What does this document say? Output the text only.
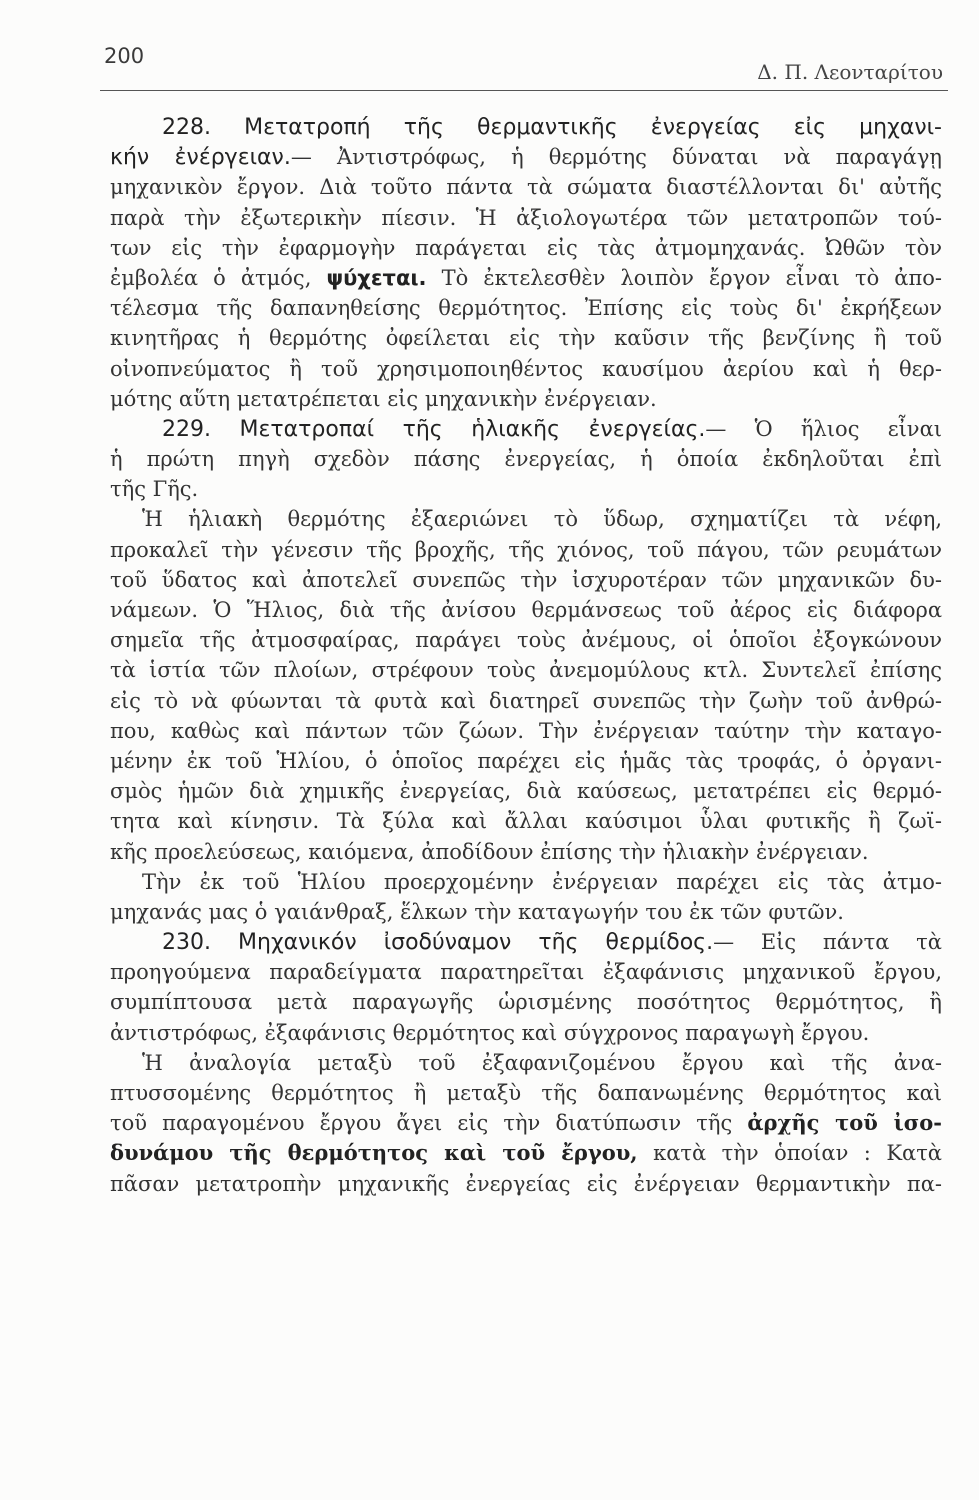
200
Δ. Π. Λεονταρίτου
228. Μετατροπή τῆς θερμαντικῆς ἐνεργείας εἰς μηχανι-
κήν ἐνέργειαν.— Ἀντιστρόφως, ἡ θερμότης δύναται νὰ παραγάγῃ
μηχανικὸν ἔργον. Διὰ τοῦτο πάντα τὰ σώματα διαστέλλονται δι' αὐτῆς
παρὰ τὴν ἐξωτερικὴν πίεσιν. Ἡ ἀξιολογωτέρα τῶν μετατροπῶν τού-
των εἰς τὴν ἐφαρμογὴν παράγεται εἰς τὰς ἀτμομηχανάς. Ὠθῶν τὸν
ἐμβολέα ὁ ἀτμός, ψύχεται. Τὸ ἐκτελεσθὲν λοιπὸν ἔργον εἶναι τὸ ἀπο-
τέλεσμα τῆς δαπανηθείσης θερμότητος. Ἐπίσης εἰς τοὺς δι' ἐκρήξεων
κινητῆρας ἡ θερμότης ὀφείλεται εἰς τὴν καῦσιν τῆς βενζίνης ἢ τοῦ
οἰνοπνεύματος ἢ τοῦ χρησιμοποιηθέντος καυσίμου ἀερίου καὶ ἡ θερ-
μότης αὕτη μετατρέπεται εἰς μηχανικὴν ἐνέργειαν.
229. Μετατροπαί τῆς ἡλιακῆς ἐνεργείας.— Ὁ ἥλιος εἶναι
ἡ πρώτη πηγὴ σχεδὸν πάσης ἐνεργείας, ἡ ὁποία ἐκδηλοῦται ἐπὶ
τῆς Γῆς.
Ἡ ἡλιακὴ θερμότης ἐξαεριώνει τὸ ὕδωρ, σχηματίζει τὰ νέφη,
προκαλεῖ τὴν γένεσιν τῆς βροχῆς, τῆς χιόνος, τοῦ πάγου, τῶν ρευμάτων
τοῦ ὕδατος καὶ ἀποτελεῖ συνεπῶς τὴν ἰσχυροτέραν τῶν μηχανικῶν δυ-
νάμεων. Ὁ Ἥλιος, διὰ τῆς ἀνίσου θερμάνσεως τοῦ ἀέρος εἰς διάφορα
σημεῖα τῆς ἀτμοσφαίρας, παράγει τοὺς ἀνέμους, οἱ ὁποῖοι ἐξογκώνουν
τὰ ἱστία τῶν πλοίων, στρέφουν τοὺς ἀνεμομύλους κτλ. Συντελεῖ ἐπίσης
εἰς τὸ νὰ φύωνται τὰ φυτὰ καὶ διατηρεῖ συνεπῶς τὴν ζωὴν τοῦ ἀνθρώ-
που, καθὼς καὶ πάντων τῶν ζώων. Τὴν ἐνέργειαν ταύτην τὴν καταγο-
μένην ἐκ τοῦ Ἡλίου, ὁ ὁποῖος παρέχει εἰς ἡμᾶς τὰς τροφάς, ὁ ὀργανι-
σμὸς ἡμῶν διὰ χημικῆς ἐνεργείας, διὰ καύσεως, μετατρέπει εἰς θερμό-
τητα καὶ κίνησιν. Τὰ ξύλα καὶ ἄλλαι καύσιμοι ὗλαι φυτικῆς ἢ ζωϊ-
κῆς προελεύσεως, καιόμενα, ἀποδίδουν ἐπίσης τὴν ἡλιακὴν ἐνέργειαν.
Τὴν ἐκ τοῦ Ἡλίου προερχομένην ἐνέργειαν παρέχει εἰς τὰς ἀτμο-
μηχανάς μας ὁ γαιάνθραξ, ἕλκων τὴν καταγωγήν του ἐκ τῶν φυτῶν.
230. Μηχανικόν ἰσοδύναμον τῆς θερμίδος.— Εἰς πάντα τὰ
προηγούμενα παραδείγματα παρατηρεῖται ἐξαφάνισις μηχανικοῦ ἔργου,
συμπίπτουσα μετὰ παραγωγῆς ὡρισμένης ποσότητος θερμότητος, ἢ
ἀντιστρόφως, ἐξαφάνισις θερμότητος καὶ σύγχρονος παραγωγὴ ἔργου.
Ἡ ἀναλογία μεταξὺ τοῦ ἐξαφανιζομένου ἔργου καὶ τῆς ἀνα-
πτυσσομένης θερμότητος ἢ μεταξὺ τῆς δαπανωμένης θερμότητος καὶ
τοῦ παραγομένου ἔργου ἄγει εἰς τὴν διατύπωσιν τῆς ἀρχῆς τοῦ ἰσο-
δυνάμου τῆς θερμότητος καὶ τοῦ ἔργου, κατὰ τὴν ὁποίαν : Κατὰ
πᾶσαν μετατροπὴν μηχανικῆς ἐνεργείας εἰς ἐνέργειαν θερμαντικὴν πα-
